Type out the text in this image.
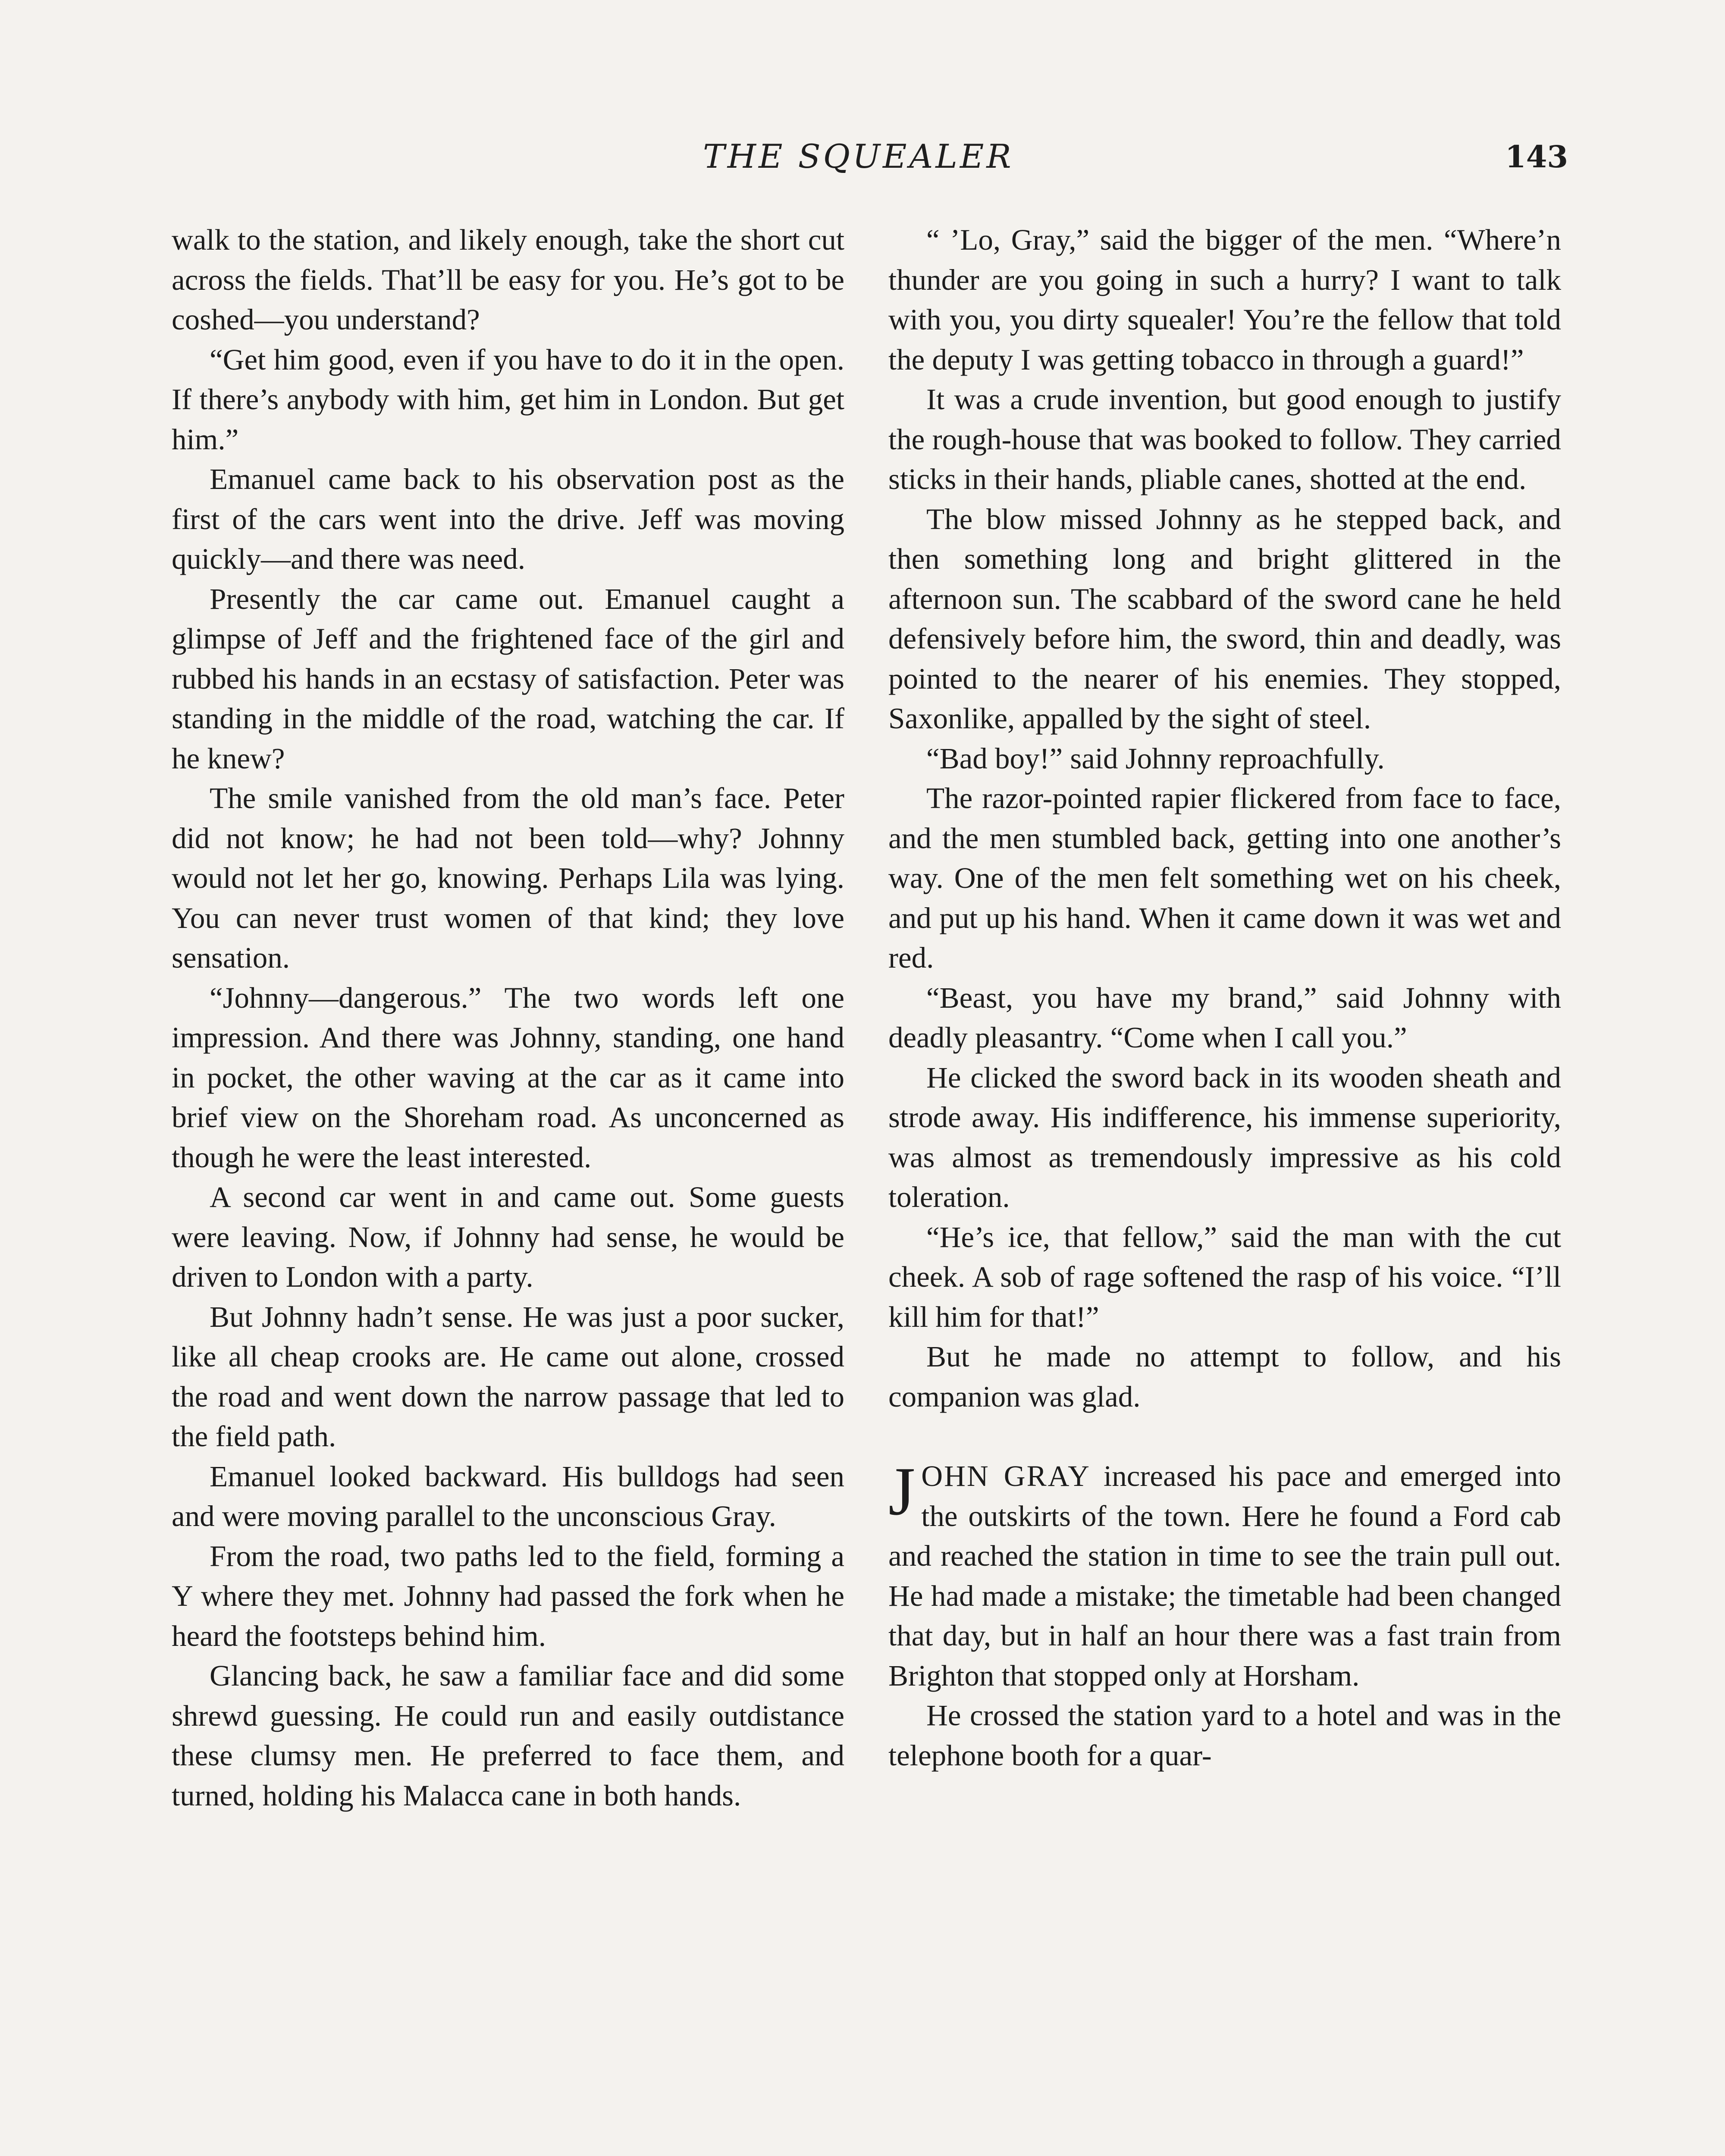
THE SQUEALER	143

walk to the station, and likely enough, take the short cut across the fields. That’ll be easy for you. He’s got to be coshed—you understand?

“Get him good, even if you have to do it in the open. If there’s anybody with him, get him in London. But get him.”

Emanuel came back to his observation post as the first of the cars went into the drive. Jeff was moving quickly—and there was need.

Presently the car came out. Emanuel caught a glimpse of Jeff and the frightened face of the girl and rubbed his hands in an ecstasy of satisfaction. Peter was standing in the middle of the road, watching the car. If he knew?

The smile vanished from the old man’s face. Peter did not know; he had not been told—why? Johnny would not let her go, knowing. Perhaps Lila was lying. You can never trust women of that kind; they love sensation.

“Johnny—dangerous.” The two words left one impression. And there was Johnny, standing, one hand in pocket, the other waving at the car as it came into brief view on the Shoreham road. As unconcerned as though he were the least interested.

A second car went in and came out. Some guests were leaving. Now, if Johnny had sense, he would be driven to London with a party.

But Johnny hadn’t sense. He was just a poor sucker, like all cheap crooks are. He came out alone, crossed the road and went down the narrow passage that led to the field path.

Emanuel looked backward. His bulldogs had seen and were moving parallel to the unconscious Gray.

From the road, two paths led to the field, forming a Y where they met. Johnny had passed the fork when he heard the footsteps behind him.

Glancing back, he saw a familiar face and did some shrewd guessing. He could run and easily outdistance these clumsy men. He preferred to face them, and turned, holding his Malacca cane in both hands.

“ ’Lo, Gray,” said the bigger of the men. “Where’n thunder are you going in such a hurry? I want to talk with you, you dirty squealer! You’re the fellow that told the deputy I was getting tobacco in through a guard!”

It was a crude invention, but good enough to justify the rough-house that was booked to follow. They carried sticks in their hands, pliable canes, shotted at the end.

The blow missed Johnny as he stepped back, and then something long and bright glittered in the afternoon sun. The scabbard of the sword cane he held defensively before him, the sword, thin and deadly, was pointed to the nearer of his enemies. They stopped, Saxonlike, appalled by the sight of steel.

“Bad boy!” said Johnny reproachfully.

The razor-pointed rapier flickered from face to face, and the men stumbled back, getting into one another’s way. One of the men felt something wet on his cheek, and put up his hand. When it came down it was wet and red.

“Beast, you have my brand,” said Johnny with deadly pleasantry. “Come when I call you.”

He clicked the sword back in its wooden sheath and strode away. His indifference, his immense superiority, was almost as tremendously impressive as his cold toleration.

“He’s ice, that fellow,” said the man with the cut cheek. A sob of rage softened the rasp of his voice. “I’ll kill him for that!”

But he made no attempt to follow, and his companion was glad.

JOHN GRAY increased his pace and emerged into the outskirts of the town. Here he found a Ford cab and reached the station in time to see the train pull out. He had made a mistake; the timetable had been changed that day, but in half an hour there was a fast train from Brighton that stopped only at Horsham.

He crossed the station yard to a hotel and was in the telephone booth for a quar-
